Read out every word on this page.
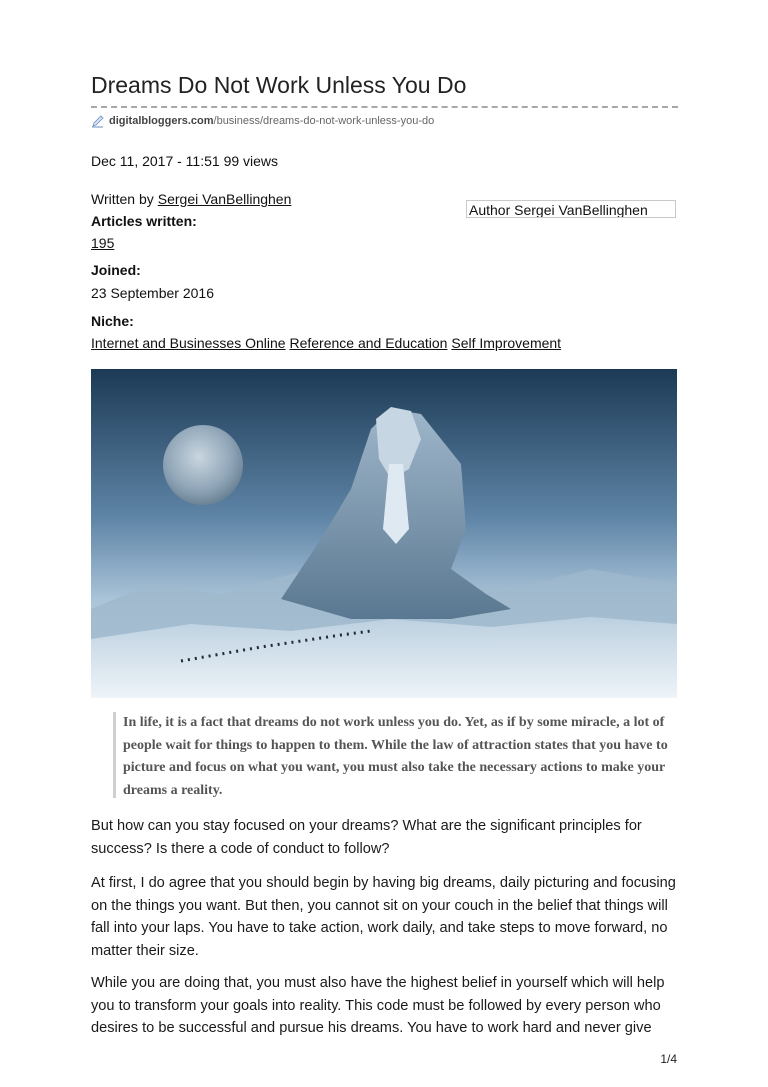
Dreams Do Not Work Unless You Do
digitalbloggers.com /business/dreams-do-not-work-unless-you-do
Dec 11, 2017 - 11:51 99 views
Written by Sergei VanBellinghen
Articles written:
195
Joined:
23 September 2016
Niche:
Internet and Businesses Online Reference and Education Self Improvement
Author Sergei VanBellinghen
In life, it is a fact that dreams do not work unless you do. Yet, as if by some miracle, a lot of people wait for things to happen to them. While the law of attraction states that you have to picture and focus on what you want, you must also take the necessary actions to make your dreams a reality.

But how can you stay focused on your dreams? What are the significant principles for success? Is there a code of conduct to follow?

At first, I do agree that you should begin by having big dreams, daily picturing and focusing on the things you want. But then, you cannot sit on your couch in the belief that things will fall into your laps. You have to take action, work daily, and take steps to move forward, no matter their size.

While you are doing that, you must also have the highest belief in yourself which will help you to transform your goals into reality. This code must be followed by every person who desires to be successful and pursue his dreams. You have to work hard and never give

1/4
